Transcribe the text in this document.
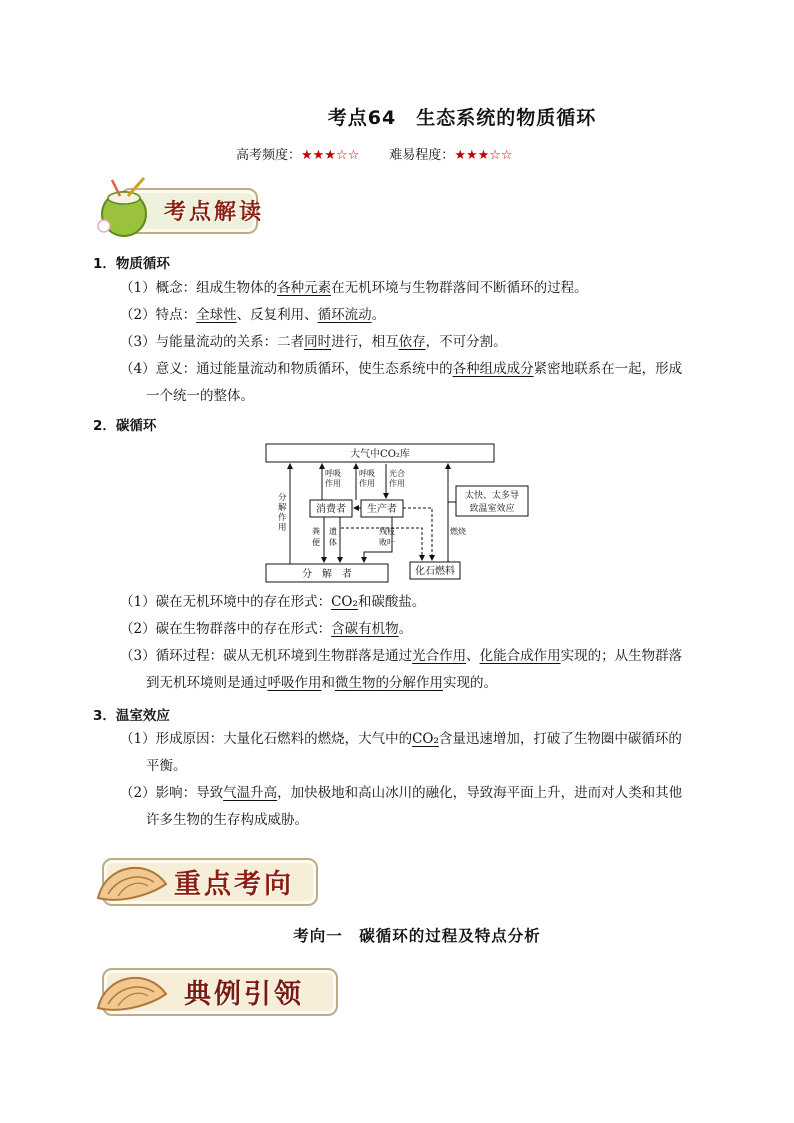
考点64　生态系统的物质循环
高考频度：★★★☆☆ 难易程度：★★★☆☆
考点解读
1．物质循环
（1）概念：组成生物体的各种元素在无机环境与生物群落间不断循环的过程。
（2）特点：全球性、反复利用、循环流动。
（3）与能量流动的关系：二者同时进行，相互依存，不可分割。
（4）意义：通过能量流动和物质循环，使生态系统中的各种组成成分紧密地联系在一起，形成
一个统一的整体。
2．碳循环
大气中CO₂库
消费者 生产者
分　解　者	化石燃料
太快、太多导
致温室效应
分
解
作
用
呼吸
作用
呼吸
作用
光合
作用
粪
便
遗
体
残枝
败叶
燃烧
（1）碳在无机环境中的存在形式：CO₂和碳酸盐。
（2）碳在生物群落中的存在形式：含碳有机物。
（3）循环过程：碳从无机环境到生物群落是通过光合作用、化能合成作用实现的；从生物群落
到无机环境则是通过呼吸作用和微生物的分解作用实现的。
3．温室效应
（1）形成原因：大量化石燃料的燃烧，大气中的CO₂含量迅速增加，打破了生物圈中碳循环的
平衡。
（2）影响：导致气温升高，加快极地和高山冰川的融化，导致海平面上升，进而对人类和其他
许多生物的生存构成威胁。
重点考向
考向一　碳循环的过程及特点分析
典例引领
